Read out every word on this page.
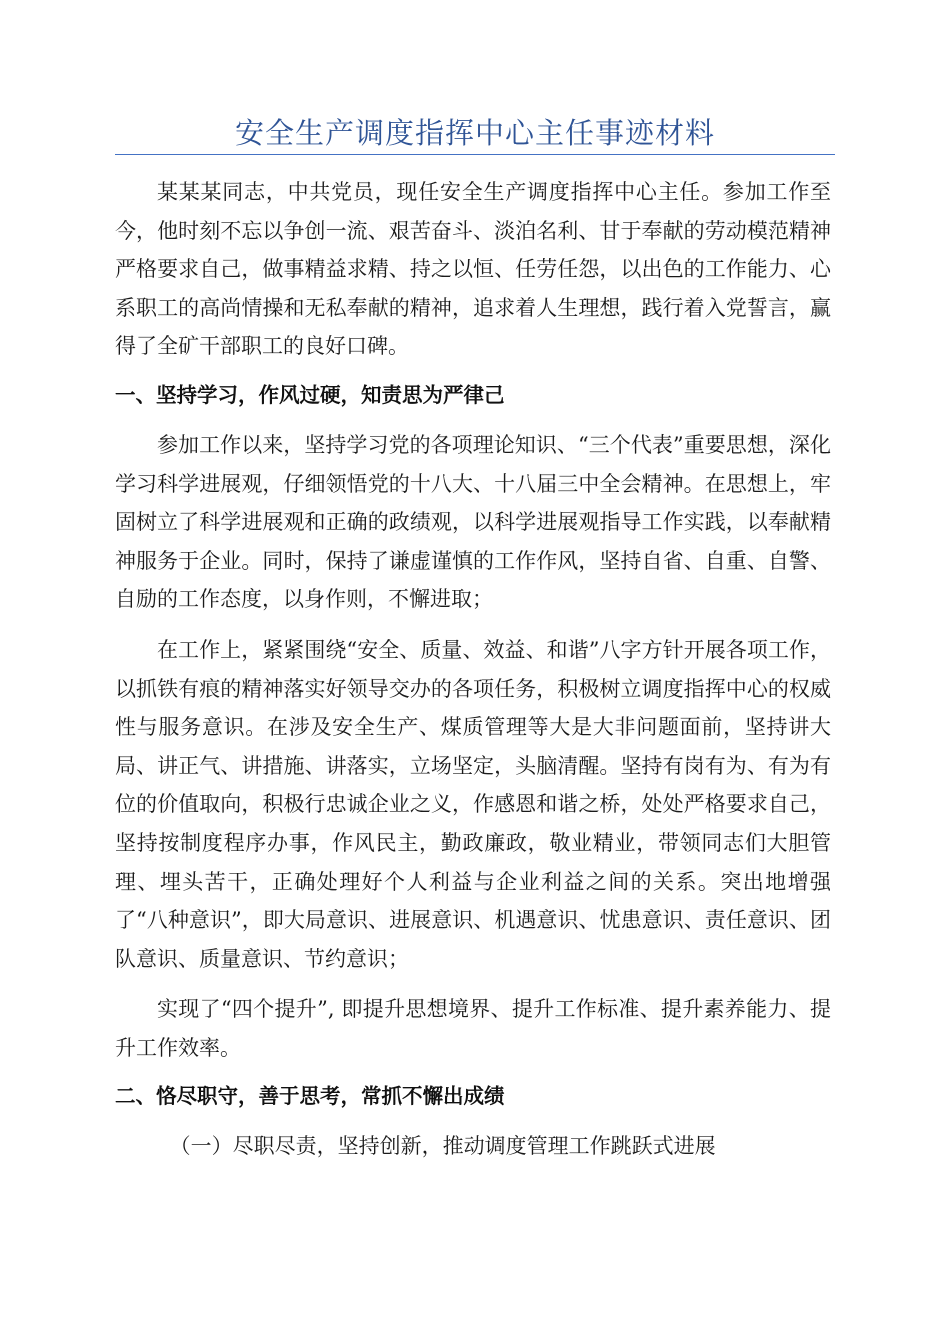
安全生产调度指挥中心主任事迹材料

某某某同志，中共党员，现任安全生产调度指挥中心主任。参加工作至今，他时刻不忘以争创一流、艰苦奋斗、淡泊名利、甘于奉献的劳动模范精神严格要求自己，做事精益求精、持之以恒、任劳任怨，以出色的工作能力、心系职工的高尚情操和无私奉献的精神，追求着人生理想，践行着入党誓言，赢得了全矿干部职工的良好口碑。

一、坚持学习，作风过硬，知责思为严律己

参加工作以来，坚持学习党的各项理论知识、“三个代表”重要思想，深化学习科学进展观，仔细领悟党的十八大、十八届三中全会精神。在思想上，牢固树立了科学进展观和正确的政绩观，以科学进展观指导工作实践，以奉献精神服务于企业。同时，保持了谦虚谨慎的工作作风，坚持自省、自重、自警、自励的工作态度，以身作则，不懈进取；

在工作上，紧紧围绕“安全、质量、效益、和谐”八字方针开展各项工作，以抓铁有痕的精神落实好领导交办的各项任务，积极树立调度指挥中心的权威性与服务意识。在涉及安全生产、煤质管理等大是大非问题面前，坚持讲大局、讲正气、讲措施、讲落实，立场坚定，头脑清醒。坚持有岗有为、有为有位的价值取向，积极行忠诚企业之义，作感恩和谐之桥，处处严格要求自己，坚持按制度程序办事，作风民主，勤政廉政，敬业精业，带领同志们大胆管理、埋头苦干，正确处理好个人利益与企业利益之间的关系。突出地增强了“八种意识”，即大局意识、进展意识、机遇意识、忧患意识、责任意识、团队意识、质量意识、节约意识；

实现了“四个提升”, 即提升思想境界、提升工作标准、提升素养能力、提升工作效率。

二、恪尽职守，善于思考，常抓不懈出成绩

（一）尽职尽责，坚持创新，推动调度管理工作跳跃式进展
